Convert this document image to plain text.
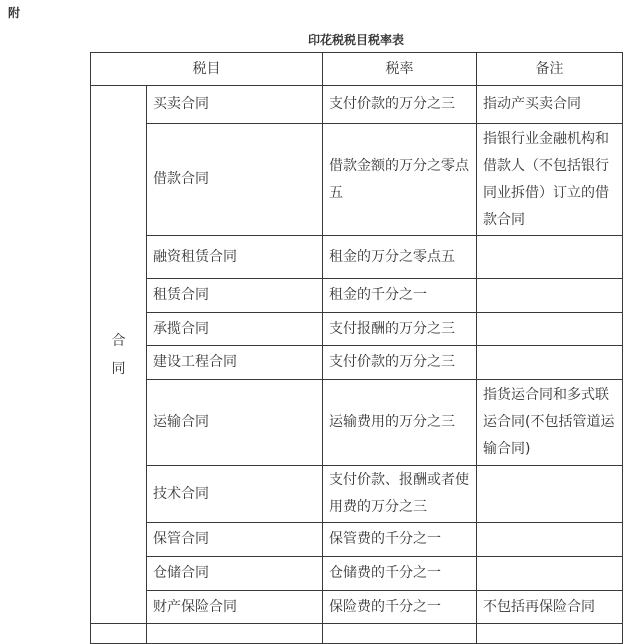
附
印花税税目税率表
税目		税率	备注

合
同	买卖合同	支付价款的万分之三	指动产买卖合同
	借款合同	借款金额的万分之零点五	指银行业金融机构和借款人（不包括银行同业拆借）订立的借款合同
	融资租赁合同	租金的万分之零点五	
	租赁合同	租金的千分之一	
	承揽合同	支付报酬的万分之三	
	建设工程合同	支付价款的万分之三	
	运输合同	运输费用的万分之三	指货运合同和多式联运合同(不包括管道运输合同)
	技术合同	支付价款、报酬或者使用费的万分之三	
	保管合同	保管费的千分之一	
	仓储合同	仓储费的千分之一	
	财产保险合同	保险费的千分之一	不包括再保险合同
